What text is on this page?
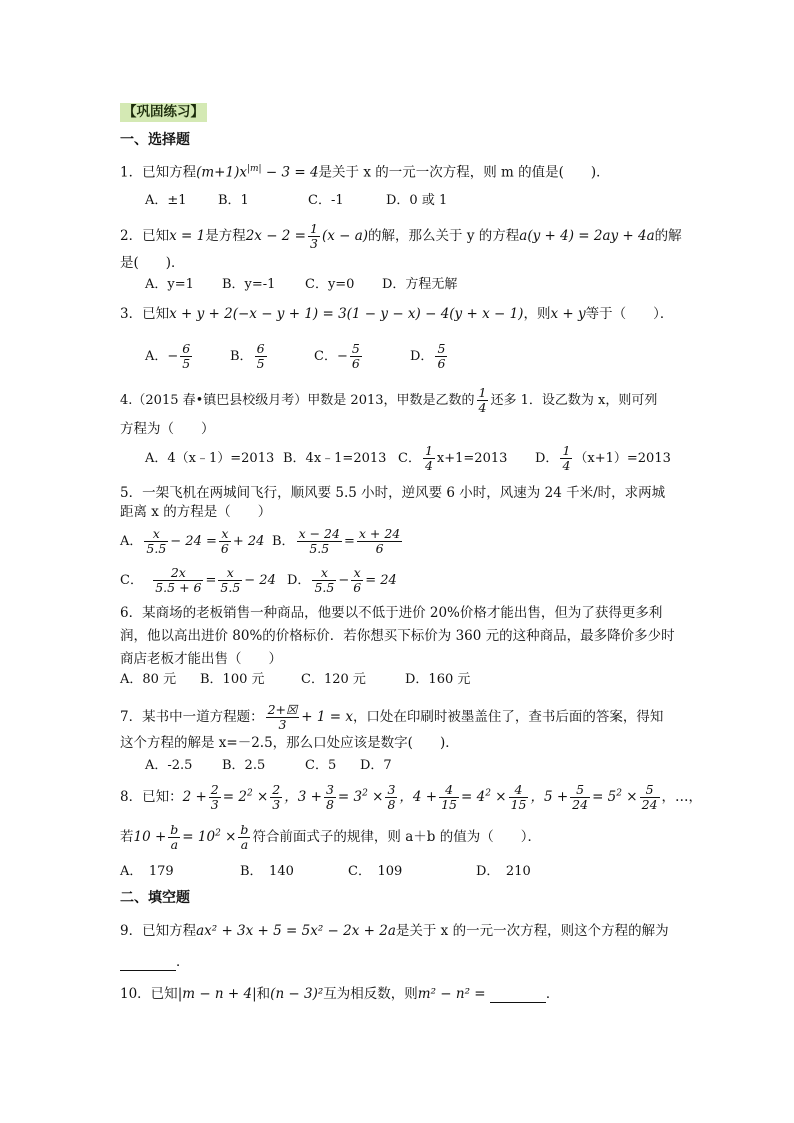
【巩固练习】
一、选择题
1．已知方程$(m+1)x^{|m|} - 3 = 4$是关于 x 的一元一次方程，则 m 的值是(　　)．
A．±1 B．1	C．-1	D．0 或 1
2．已知x = 1是方程$2x - 2 = \frac{1}{3} (x - a)$的解，那么关于 y 的方程a(y + 4) = 2ay + 4a的解
是(　　)．
A．y=1 B．y=-1 C．y=0 D．方程无解
3．已知x + y + 2(−x − y + 1) = 3(1 − y − x) − 4(y + x − 1)，则x + y等于（　　）．
A．− $\frac{6}{5}$	B． $\frac{6}{5}$	C．− $\frac{5}{6}$	D． $\frac{5}{6}$
4.（2015 春•镇巴县校级月考）甲数是 2013，甲数是乙数的 $\frac{1}{4}$ 还多 1．设乙数为 x，则可列
方程为（　　）
A．4（x﹣1）=2013 B．4x﹣1=2013 C． $\frac{1}{4} x+1=2013$ D． $\frac{1}{4} (x+1)=2013$
5．一架飞机在两城间飞行，顺风要 5.5 小时，逆风要 6 小时，风速为 24 千米/时，求两城
距离 x 的方程是（　　）
A． $\frac{x}{5.5} - 24 = \frac{x}{6} + 24$ B． $\frac{x - 24}{5.5} = \frac{x + 24}{6}$
C． $\frac{2x}{5.5 + 6} = \frac{x}{5.5} - 24$ D． $\frac{x}{5.5} - \frac{x}{6} = 24$
6．某商场的老板销售一种商品，他要以不低于进价 20%价格才能出售，但为了获得更多利
润，他以高出进价 80%的价格标价．若你想买下标价为 360 元的这种商品，最多降价多少时
商店老板才能出售（　　）
A．80 元 B．100 元	C．120 元	D．160 元
7．某书中一道方程题： $\frac{2+☒}{3} + 1 = x$，口处在印刷时被墨盖住了，查书后面的答案，得知
这个方程的解是 x=－2.5，那么口处应该是数字(　　)．
A．-2.5 B．2.5	C．5 D．7
8．已知：$2 + \frac{2}{3} = 2^2 \times \frac{2}{3}$ ，$3 + \frac{3}{8} = 3^2 \times \frac{3}{8}$ ，$4 + \frac{4}{15} = 4^2 \times \frac{4}{15}$ ，$5 + \frac{5}{24} = 5^2 \times \frac{5}{24}$ ，…，
若$10 + \frac{b}{a} = 10^2 \times \frac{b}{a}$ 符合前面式子的规律，则 a＋b 的值为（　　）．
A．　179	B．　140	C．　109	D．　210
二、填空题
9．已知方程ax² + 3x + 5 = 5x² − 2x + 2a是关于 x 的一元一次方程，则这个方程的解为
．
10．已知|m − n + 4|和(n − 3)²互为相反数，则m² − n² =	．
